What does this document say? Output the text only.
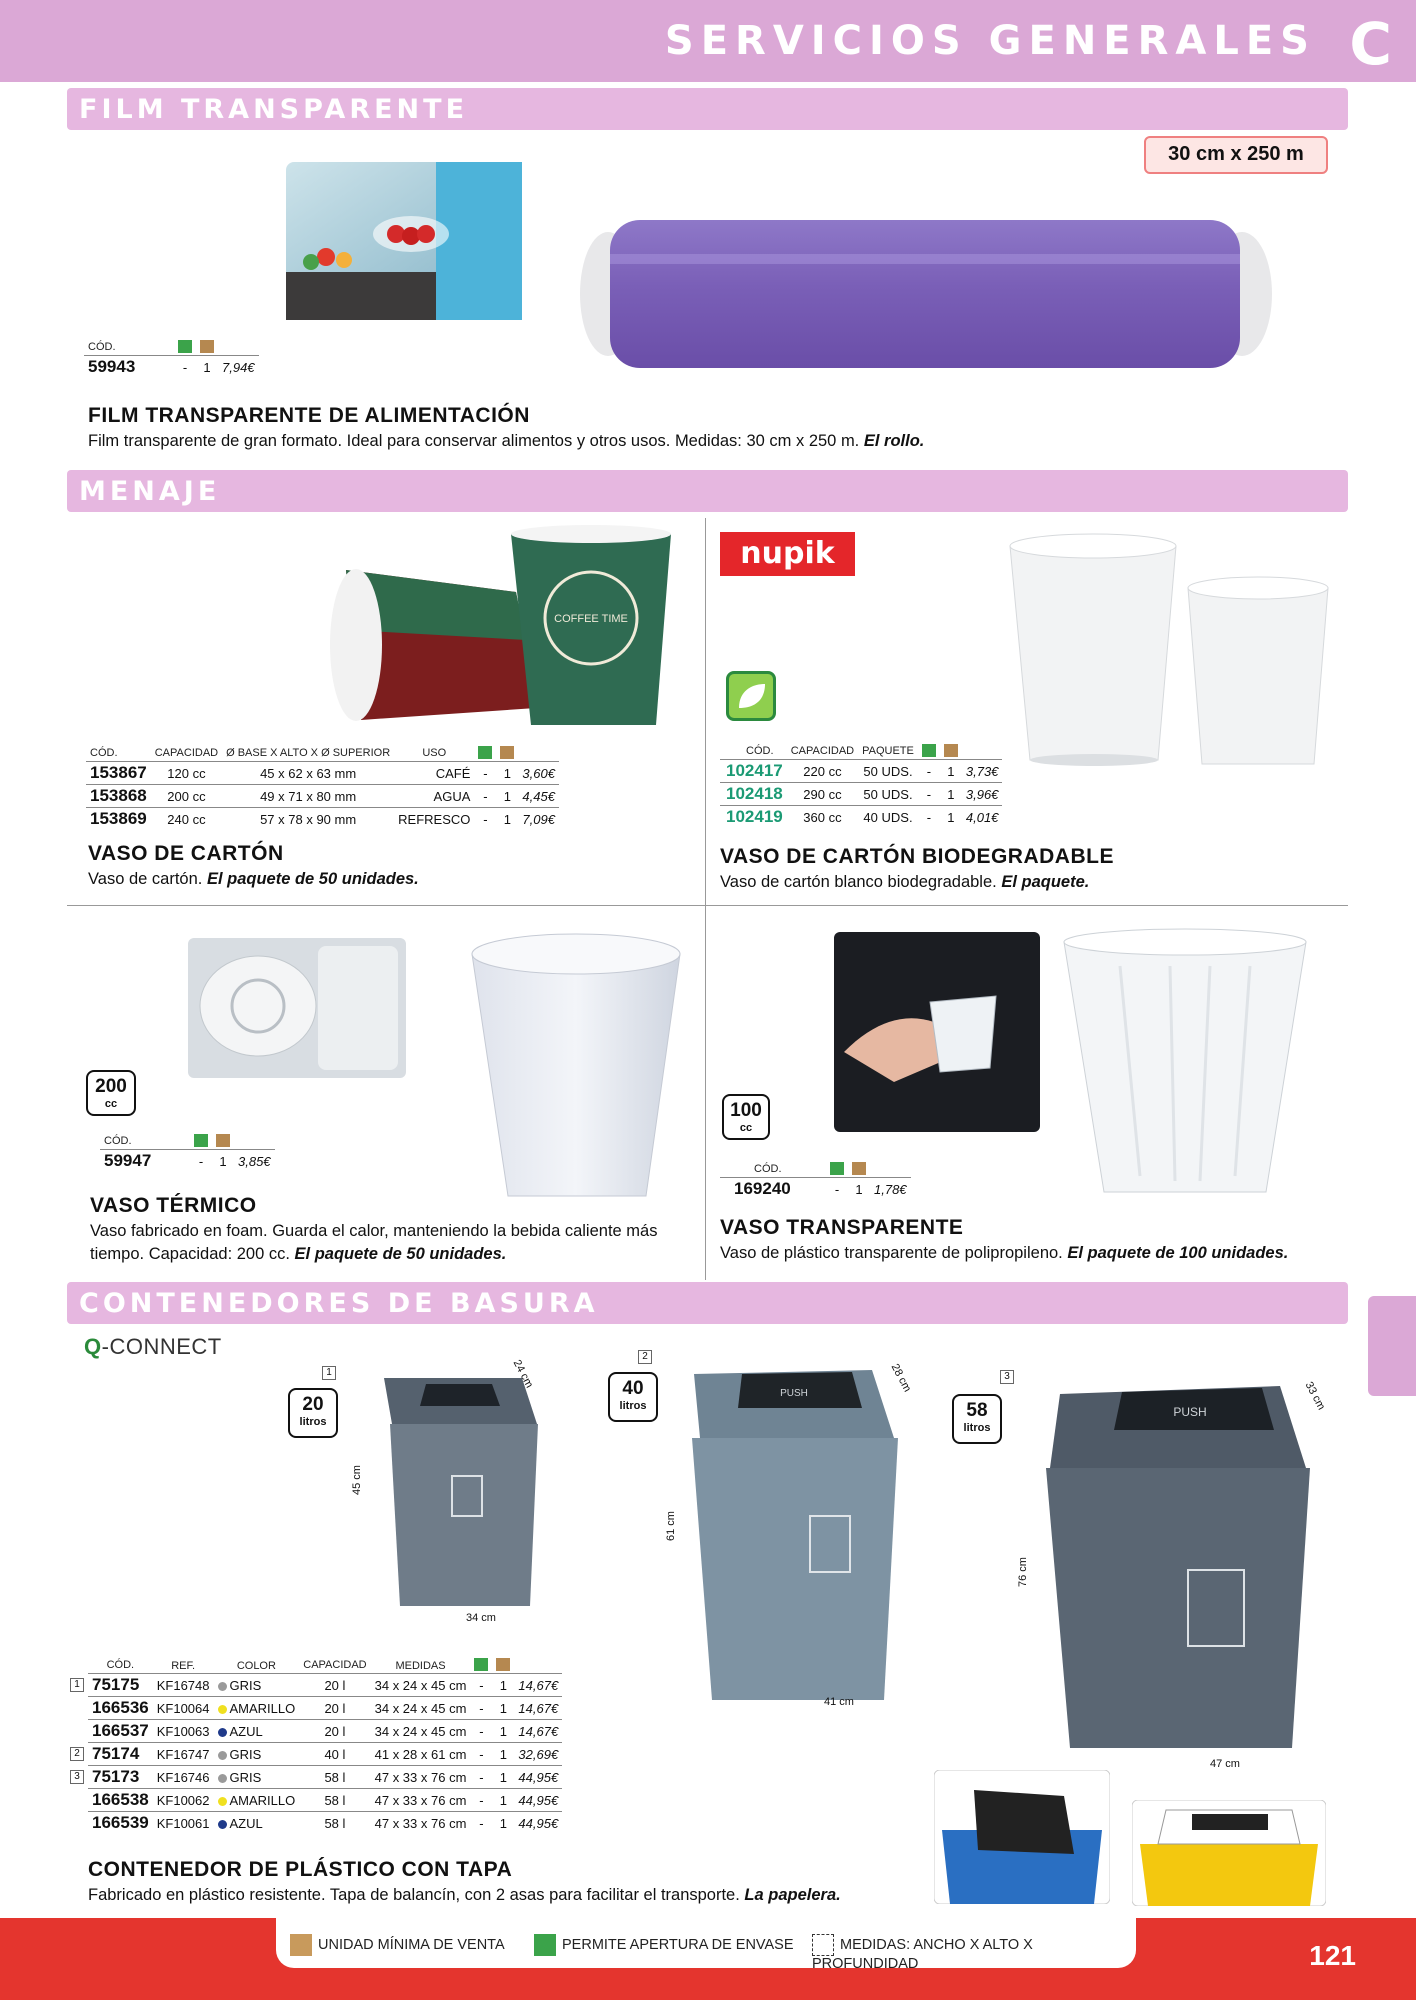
SERVICIOS GENERALES C
FILM TRANSPARENTE
30 cm x 250 m
CÓD.			
59943	-	1	7,94€
FILM TRANSPARENTE DE ALIMENTACIÓN
Film transparente de gran formato. Ideal para conservar alimentos y otros usos. Medidas: 30 cm x 250 m. El rollo.
MENAJE
COFFEE TIME
CÓD.	CAPACIDAD	Ø BASE X ALTO X Ø SUPERIOR	USO			
153867	120 cc	45 x 62 x 63 mm	CAFÉ	-	1	3,60€
153868	200 cc	49 x 71 x 80 mm	AGUA	-	1	4,45€
153869	240 cc	57 x 78 x 90 mm	REFRESCO	-	1	7,09€
VASO DE CARTÓN
Vaso de cartón. El paquete de 50 unidades.
nupik
CÓD.	CAPACIDAD	PAQUETE			
102417	220 cc	50 UDS.	-	1	3,73€
102418	290 cc	50 UDS.	-	1	3,96€
102419	360 cc	40 UDS.	-	1	4,01€
VASO DE CARTÓN BIODEGRADABLE
Vaso de cartón blanco biodegradable. El paquete.
200
cc
CÓD.			
59947	-	1	3,85€
VASO TÉRMICO
Vaso fabricado en foam. Guarda el calor, manteniendo la bebida caliente más tiempo. Capacidad: 200 cc. El paquete de 50 unidades.
100
cc
CÓD.			
169240	-	1	1,78€
VASO TRANSPARENTE
Vaso de plástico transparente de polipropileno. El paquete de 100 unidades.
CONTENEDORES DE BASURA
Q-CONNECT
1
20
litros
24 cm
45 cm
34 cm
2
40
litros
PUSH	28 cm
61 cm
41 cm
3
58
litros
PUSH	33 cm
76 cm
47 cm
	CÓD.	REF.	COLOR	CAPACIDAD	MEDIDAS			

1	75175	KF16748	GRIS	20 l	34 x 24 x 45 cm	-	1	14,67€
	166536	KF10064	AMARILLO	20 l	34 x 24 x 45 cm	-	1	14,67€
	166537	KF10063	AZUL	20 l	34 x 24 x 45 cm	-	1	14,67€

2	75174	KF16747	GRIS	40 l	41 x 28 x 61 cm	-	1	32,69€

3	75173	KF16746	GRIS	58 l	47 x 33 x 76 cm	-	1	44,95€
	166538	KF10062	AMARILLO	58 l	47 x 33 x 76 cm	-	1	44,95€
	166539	KF10061	AZUL	58 l	47 x 33 x 76 cm	-	1	44,95€
CONTENEDOR DE PLÁSTICO CON TAPA
Fabricado en plástico resistente. Tapa de balancín, con 2 asas para facilitar el transporte. La papelera.
UNIDAD MÍNIMA DE VENTA	PERMITE APERTURA DE ENVASE	MEDIDAS: ANCHO X ALTO X PROFUNDIDAD	121
